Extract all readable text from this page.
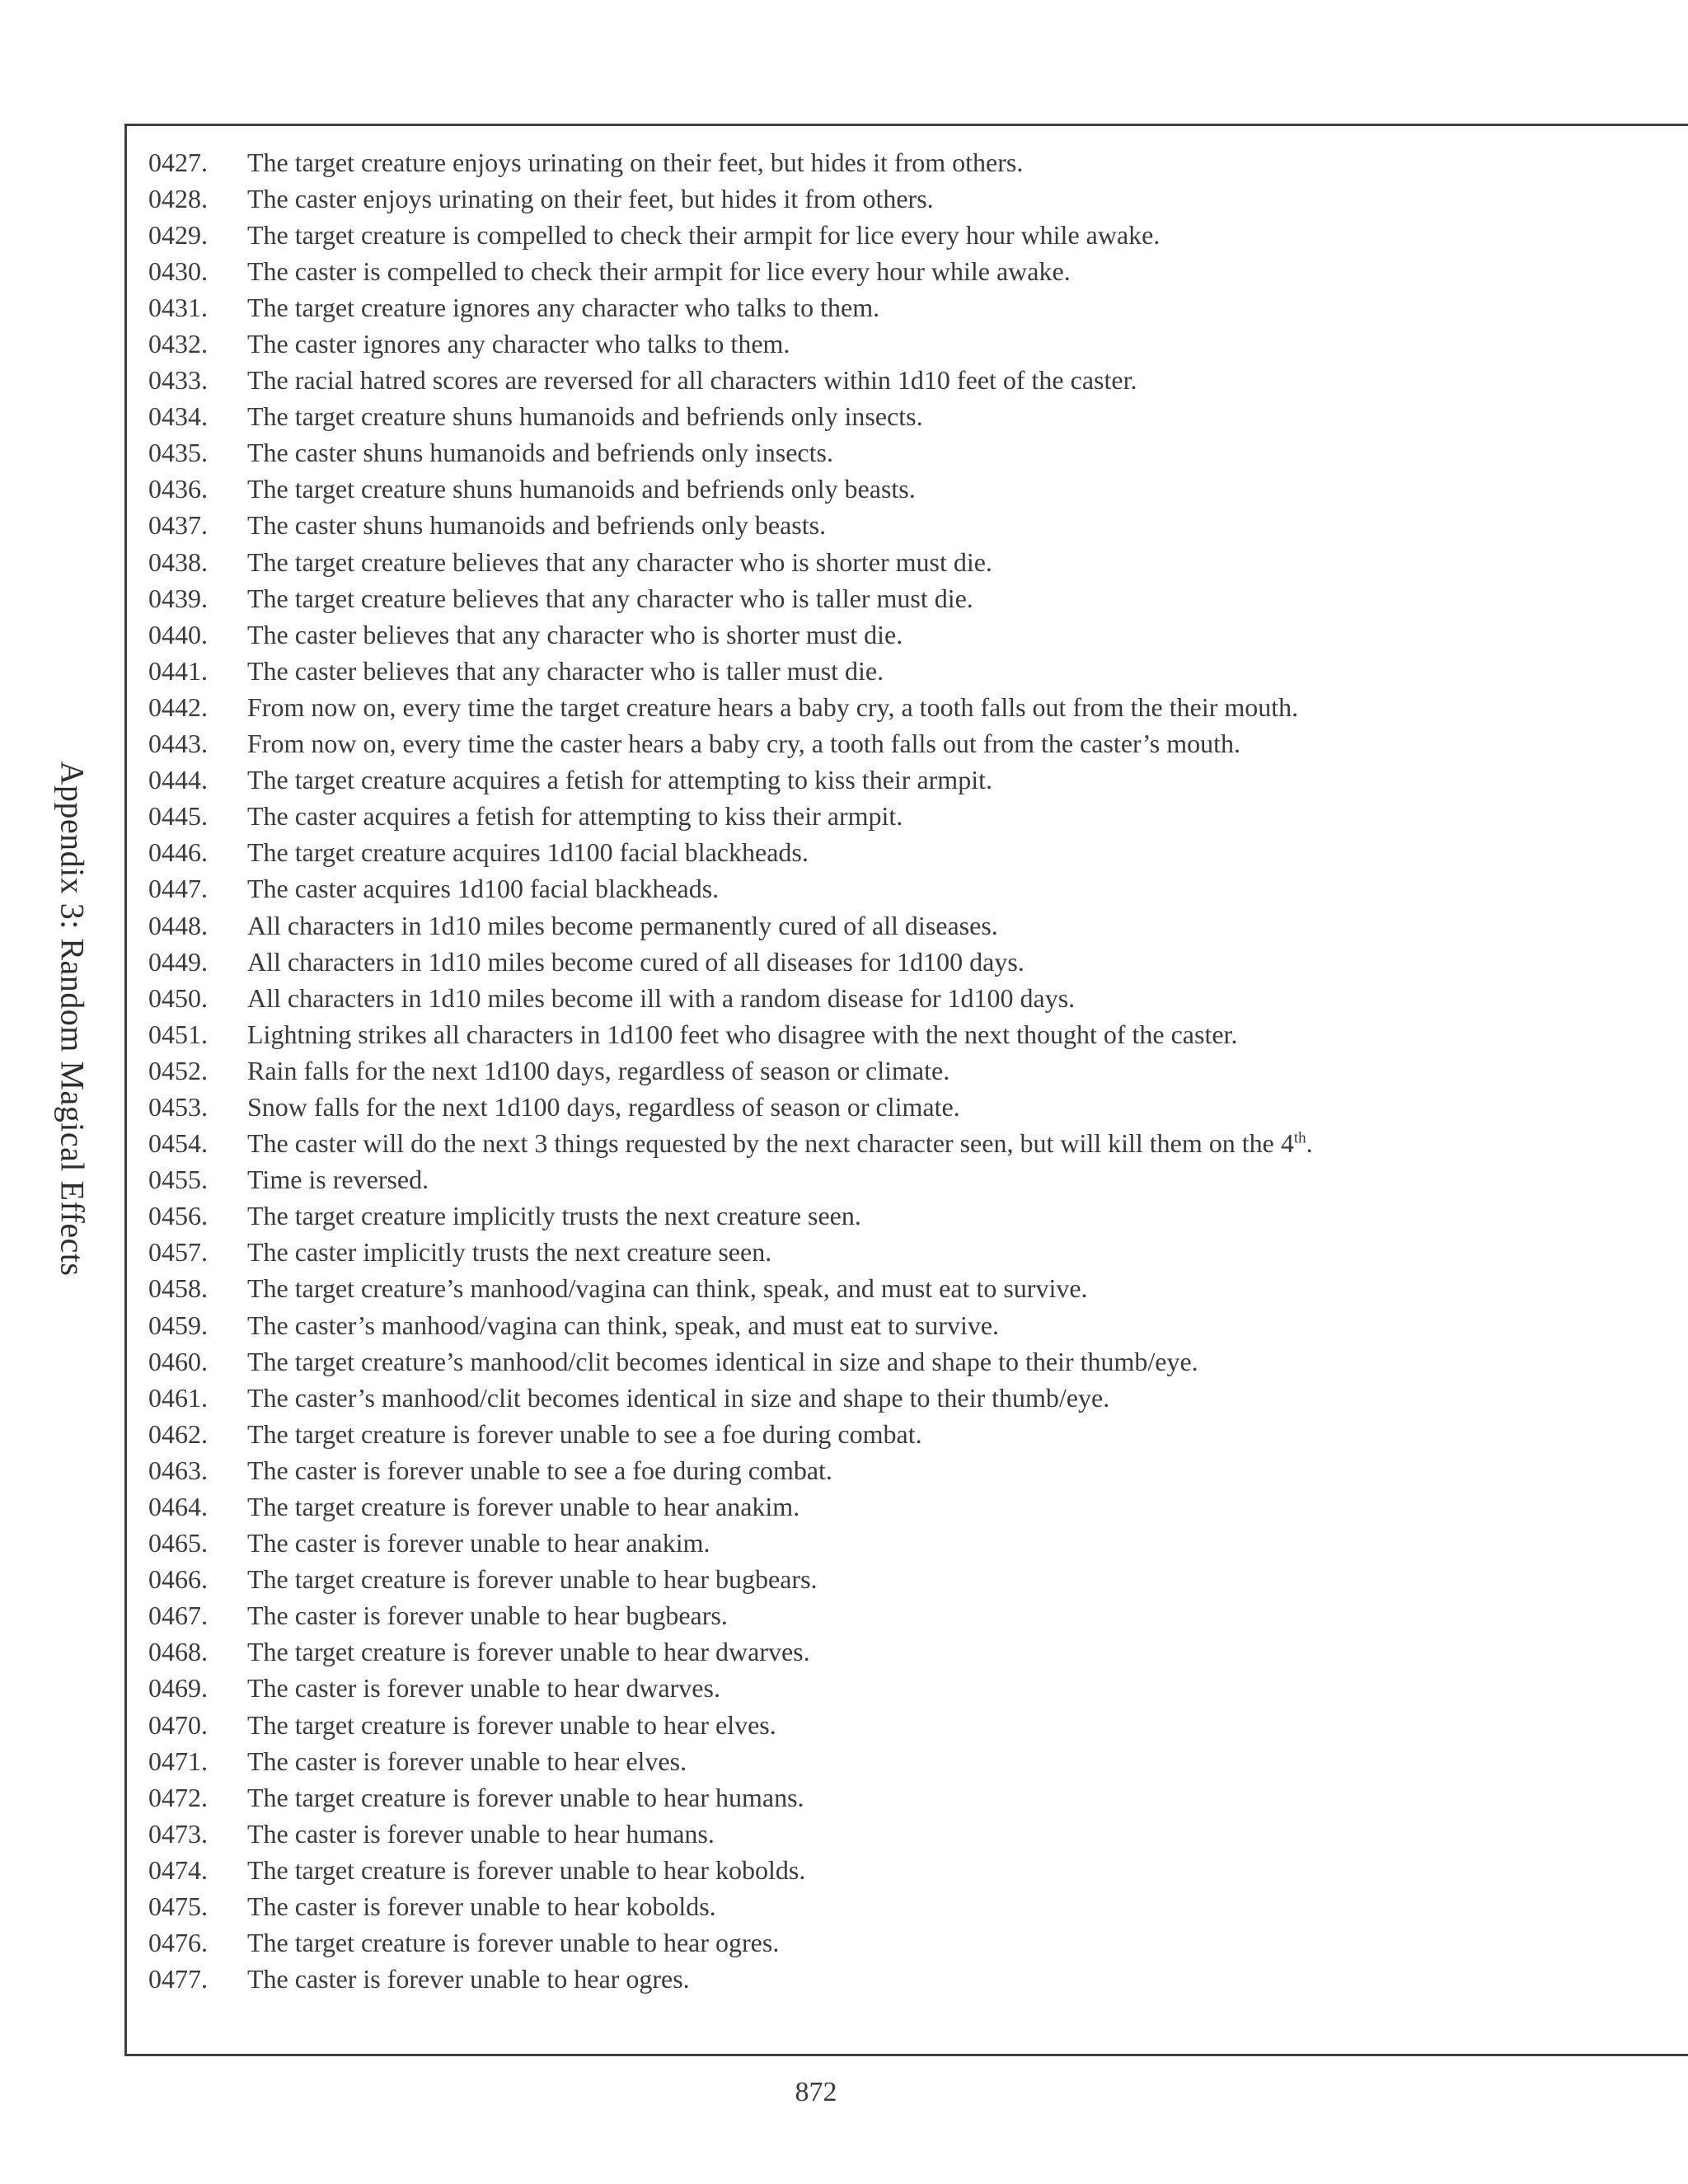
Appendix 3: Random Magical Effects
0427.	The target creature enjoys urinating on their feet, but hides it from others.
0428.	The caster enjoys urinating on their feet, but hides it from others.
0429.	The target creature is compelled to check their armpit for lice every hour while awake.
0430.	The caster is compelled to check their armpit for lice every hour while awake.
0431.	The target creature ignores any character who talks to them.
0432.	The caster ignores any character who talks to them.
0433.	The racial hatred scores are reversed for all characters within 1d10 feet of the caster.
0434.	The target creature shuns humanoids and befriends only insects.
0435.	The caster shuns humanoids and befriends only insects.
0436.	The target creature shuns humanoids and befriends only beasts.
0437.	The caster shuns humanoids and befriends only beasts.
0438.	The target creature believes that any character who is shorter must die.
0439.	The target creature believes that any character who is taller must die.
0440.	The caster believes that any character who is shorter must die.
0441.	The caster believes that any character who is taller must die.
0442.	From now on, every time the target creature hears a baby cry, a tooth falls out from the their mouth.
0443.	From now on, every time the caster hears a baby cry, a tooth falls out from the caster’s mouth.
0444.	The target creature acquires a fetish for attempting to kiss their armpit.
0445.	The caster acquires a fetish for attempting to kiss their armpit.
0446.	The target creature acquires 1d100 facial blackheads.
0447.	The caster acquires 1d100 facial blackheads.
0448.	All characters in 1d10 miles become permanently cured of all diseases.
0449.	All characters in 1d10 miles become cured of all diseases for 1d100 days.
0450.	All characters in 1d10 miles become ill with a random disease for 1d100 days.
0451.	Lightning strikes all characters in 1d100 feet who disagree with the next thought of the caster.
0452.	Rain falls for the next 1d100 days, regardless of season or climate.
0453.	Snow falls for the next 1d100 days, regardless of season or climate.
0454.	The caster will do the next 3 things requested by the next character seen, but will kill them on the 4th.
0455.	Time is reversed.
0456.	The target creature implicitly trusts the next creature seen.
0457.	The caster implicitly trusts the next creature seen.
0458.	The target creature’s manhood/vagina can think, speak, and must eat to survive.
0459.	The caster’s manhood/vagina can think, speak, and must eat to survive.
0460.	The target creature’s manhood/clit becomes identical in size and shape to their thumb/eye.
0461.	The caster’s manhood/clit becomes identical in size and shape to their thumb/eye.
0462.	The target creature is forever unable to see a foe during combat.
0463.	The caster is forever unable to see a foe during combat.
0464.	The target creature is forever unable to hear anakim.
0465.	The caster is forever unable to hear anakim.
0466.	The target creature is forever unable to hear bugbears.
0467.	The caster is forever unable to hear bugbears.
0468.	The target creature is forever unable to hear dwarves.
0469.	The caster is forever unable to hear dwarves.
0470.	The target creature is forever unable to hear elves.
0471.	The caster is forever unable to hear elves.
0472.	The target creature is forever unable to hear humans.
0473.	The caster is forever unable to hear humans.
0474.	The target creature is forever unable to hear kobolds.
0475.	The caster is forever unable to hear kobolds.
0476.	The target creature is forever unable to hear ogres.
0477.	The caster is forever unable to hear ogres.
872
